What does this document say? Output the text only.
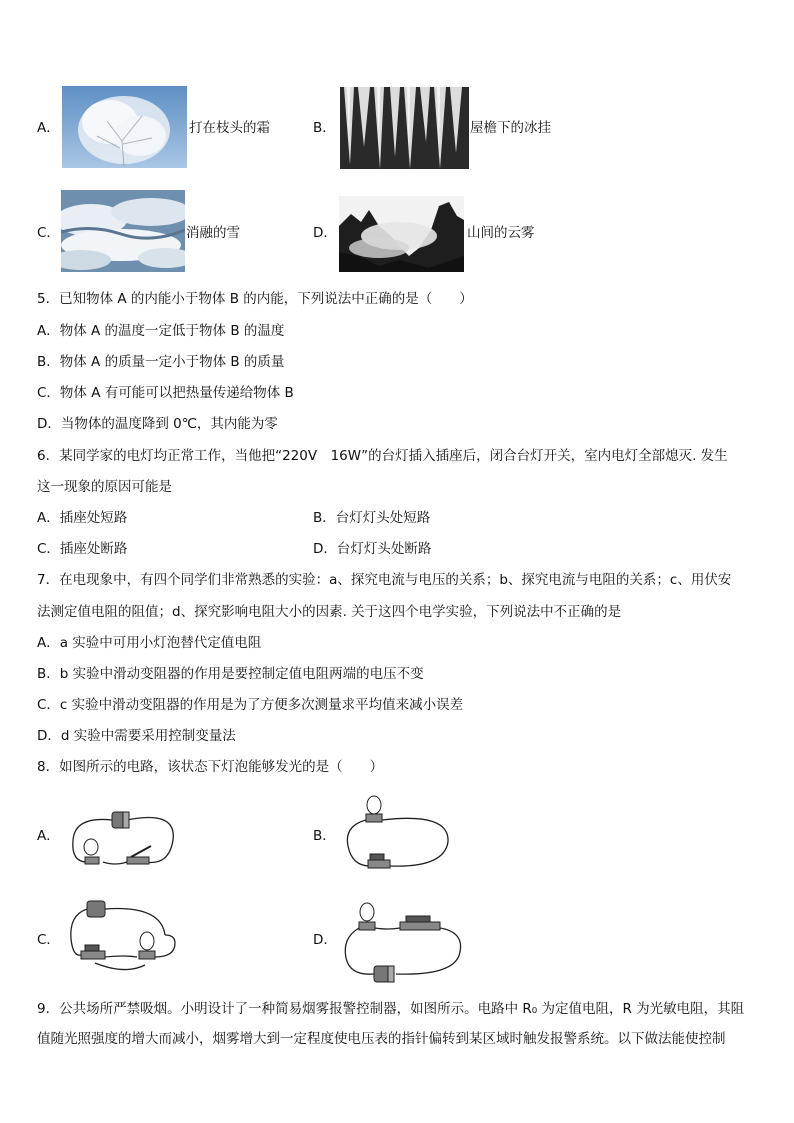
A．	打在枝头的霜	B．	屋檐下的冰挂
C．	消融的雪	D．	山间的云雾
5．已知物体 A 的内能小于物体 B 的内能，下列说法中正确的是（　　）
A．物体 A 的温度一定低于物体 B 的温度
B．物体 A 的质量一定小于物体 B 的质量
C．物体 A 有可能可以把热量传递给物体 B
D．当物体的温度降到 0℃，其内能为零
6．某同学家的电灯均正常工作，当他把“220V　16W”的台灯插入插座后，闭合台灯开关，室内电灯全部熄灭. 发生
这一现象的原因可能是
A．插座处短路	B．台灯灯头处短路
C．插座处断路	D．台灯灯头处断路
7．在电现象中，有四个同学们非常熟悉的实验：a、探究电流与电压的关系；b、探究电流与电阻的关系；c、用伏安
法测定值电阻的阻值；d、探究影响电阻大小的因素. 关于这四个电学实验，下列说法中不正确的是
A．a 实验中可用小灯泡替代定值电阻
B．b 实验中滑动变阻器的作用是要控制定值电阻两端的电压不变
C．c 实验中滑动变阻器的作用是为了方便多次测量求平均值来减小误差
D．d 实验中需要采用控制变量法
8．如图所示的电路，该状态下灯泡能够发光的是（　　）
A．	B．
C．	D．
9．公共场所严禁吸烟。小明设计了一种简易烟雾报警控制器，如图所示。电路中 R₀ 为定值电阻，R 为光敏电阻，其阻
值随光照强度的增大而减小，烟雾增大到一定程度使电压表的指针偏转到某区域时触发报警系统。以下做法能使控制
